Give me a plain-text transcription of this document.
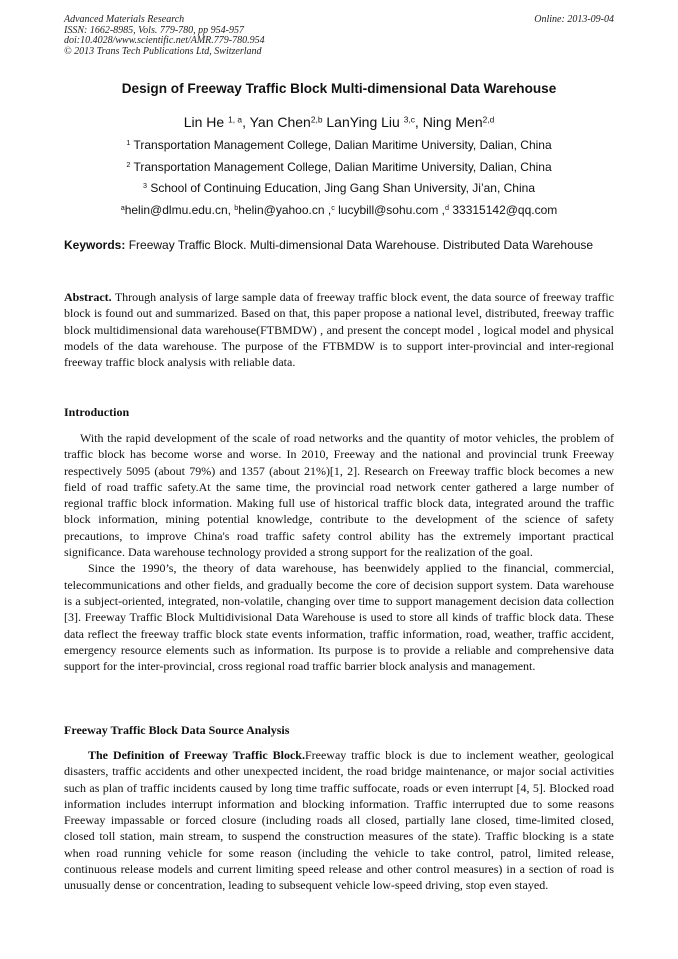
Advanced Materials Research
ISSN: 1662-8985, Vols. 779-780, pp 954-957
doi:10.4028/www.scientific.net/AMR.779-780.954
© 2013 Trans Tech Publications Ltd, Switzerland
Online: 2013-09-04
Design of Freeway Traffic Block Multi-dimensional Data Warehouse
Lin He $^{1, a}$, Yan Chen$^{2,b}$ LanYing Liu $^{3,c}$, Ning Men$^{2,d}$
$^1$ Transportation Management College, Dalian Maritime University, Dalian, China
$^2$ Transportation Management College, Dalian Maritime University, Dalian, China
$^3$ School of Continuing Education, Jing Gang Shan University, Ji’an, China
$^a$helin@dlmu.edu.cn, $^b$helin@yahoo.cn ,$^c$ lucybill@sohu.com ,$^d$ 33315142@qq.com
Keywords: Freeway Traffic Block. Multi-dimensional Data Warehouse. Distributed Data Warehouse

Abstract. Through analysis of large sample data of freeway traffic block event, the data source of freeway traffic block is found out and summarized. Based on that, this paper propose a national level, distributed, freeway traffic block multidimensional data warehouse(FTBMDW) , and present the concept model , logical model and physical models of the data warehouse. The purpose of the FTBMDW is to support inter-provincial and inter-regional freeway traffic block analysis with reliable data.

Introduction

With the rapid development of the scale of road networks and the quantity of motor vehicles, the problem of traffic block has become worse and worse. In 2010, Freeway and the national and provincial trunk Freeway respectively 5095 (about 79%) and 1357 (about 21%)[1, 2]. Research on Freeway traffic block becomes a new field of road traffic safety.At the same time, the provincial road network center gathered a large number of regional traffic block information. Making full use of historical traffic block data, integrated around the traffic block information, mining potential knowledge, contribute to the development of the science of safety precautions, to improve China's road traffic safety control ability has the extremely important practical significance. Data warehouse technology provided a strong support for the realization of the goal.

Since the 1990’s, the theory of data warehouse, has beenwidely applied to the financial, commercial, telecommunications and other fields, and gradually become the core of decision support system. Data warehouse is a subject-oriented, integrated, non-volatile, changing over time to support management decision data collection [3]. Freeway Traffic Block Multidivisional Data Warehouse is used to store all kinds of traffic block data. These data reflect the freeway traffic block state events information, traffic information, road, weather, traffic accident, emergency resource elements such as information. Its purpose is to provide a reliable and comprehensive data support for the inter-provincial, cross regional road traffic barrier block analysis and management.

Freeway Traffic Block Data Source Analysis

The Definition of Freeway Traffic Block.Freeway traffic block is due to inclement weather, geological disasters, traffic accidents and other unexpected incident, the road bridge maintenance, or major social activities such as plan of traffic incidents caused by long time traffic suffocate, roads or even interrupt [4, 5]. Blocked road information includes interrupt information and blocking information. Traffic interrupted due to some reasons Freeway impassable or forced closure (including roads all closed, partially lane closed, time-limited closed, closed toll station, main stream, to suspend the construction measures of the state). Traffic blocking is a state when road running vehicle for some reason (including the vehicle to take control, patrol, limited release, continuous release models and current limiting speed release and other control measures) in a section of road is unusually dense or concentration, leading to subsequent vehicle low-speed driving, stop even stayed.
